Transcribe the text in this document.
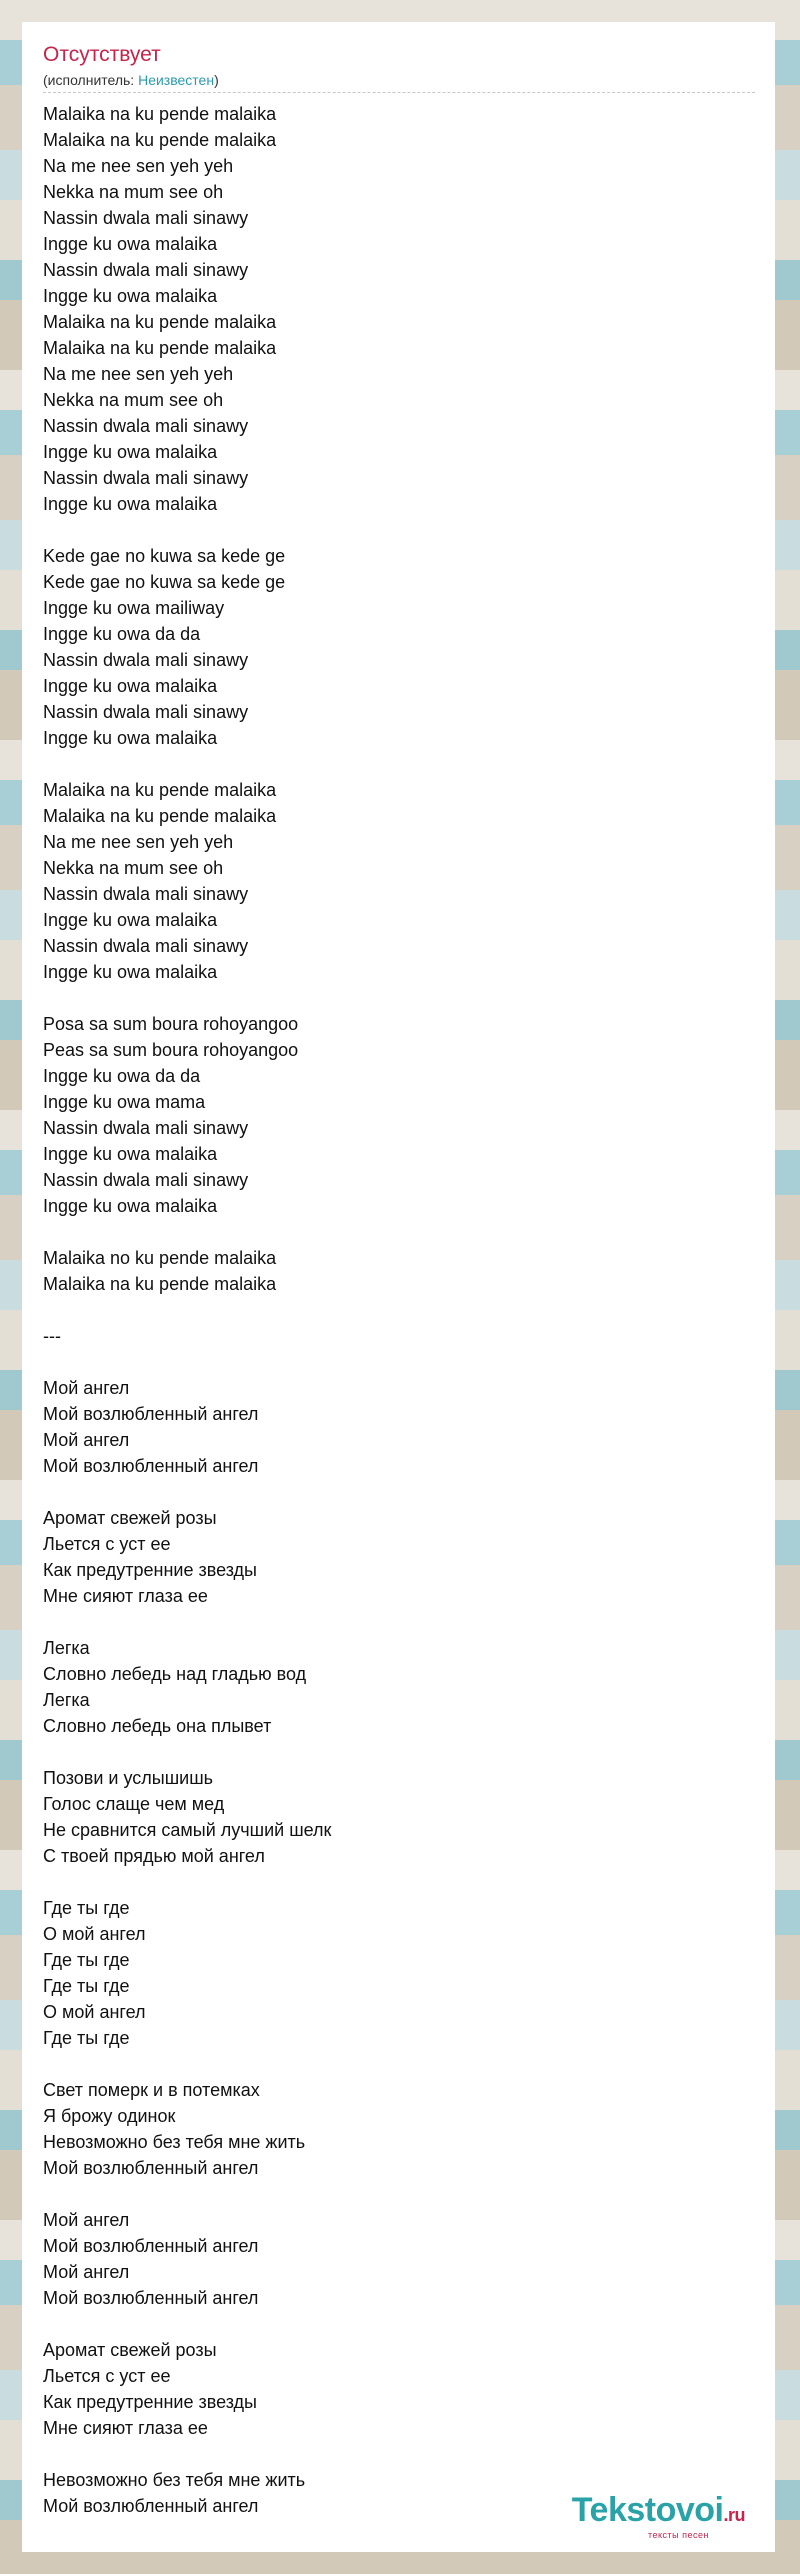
Отсутствует
(исполнитель: Неизвестен)
Malaika na ku pende malaika
Malaika na ku pende malaika
Na me nee sen yeh yeh
Nekka na mum see oh
Nassin dwala mali sinawy
Ingge ku owa malaika
Nassin dwala mali sinawy
Ingge ku owa malaika
Malaika na ku pende malaika
Malaika na ku pende malaika
Na me nee sen yeh yeh
Nekka na mum see oh
Nassin dwala mali sinawy
Ingge ku owa malaika
Nassin dwala mali sinawy
Ingge ku owa malaika
Kede gae no kuwa sa kede ge
Kede gae no kuwa sa kede ge
Ingge ku owa mailiway
Ingge ku owa da da
Nassin dwala mali sinawy
Ingge ku owa malaika
Nassin dwala mali sinawy
Ingge ku owa malaika
Malaika na ku pende malaika
Malaika na ku pende malaika
Na me nee sen yeh yeh
Nekka na mum see oh
Nassin dwala mali sinawy
Ingge ku owa malaika
Nassin dwala mali sinawy
Ingge ku owa malaika
Posa sa sum boura rohoyangoo
Peas sa sum boura rohoyangoo
Ingge ku owa da da
Ingge ku owa mama
Nassin dwala mali sinawy
Ingge ku owa malaika
Nassin dwala mali sinawy
Ingge ku owa malaika
Malaika no ku pende malaika
Malaika na ku pende malaika
---
Мой ангел
Мой возлюбленный ангел
Мой ангел
Мой возлюбленный ангел
Аромат свежей розы
Льется с уст ее
Как предутренние звезды
Мне сияют глаза ее
Легка
Словно лебедь над гладью вод
Легка
Словно лебедь она плывет
Позови и услышишь
Голос слаще чем мед
Не сравнится самый лучший шелк
С твоей прядью мой ангел
Где ты где
О мой ангел
Где ты где
Где ты где
О мой ангел
Где ты где
Свет померк и в потемках
Я брожу одинок
Невозможно без тебя мне жить
Мой возлюбленный ангел
Мой ангел
Мой возлюбленный ангел
Мой ангел
Мой возлюбленный ангел
Аромат свежей розы
Льется с уст ее
Как предутренние звезды
Мне сияют глаза ее
Невозможно без тебя мне жить
Мой возлюбленный ангел	Tekstovoi.ru
тексты песен
